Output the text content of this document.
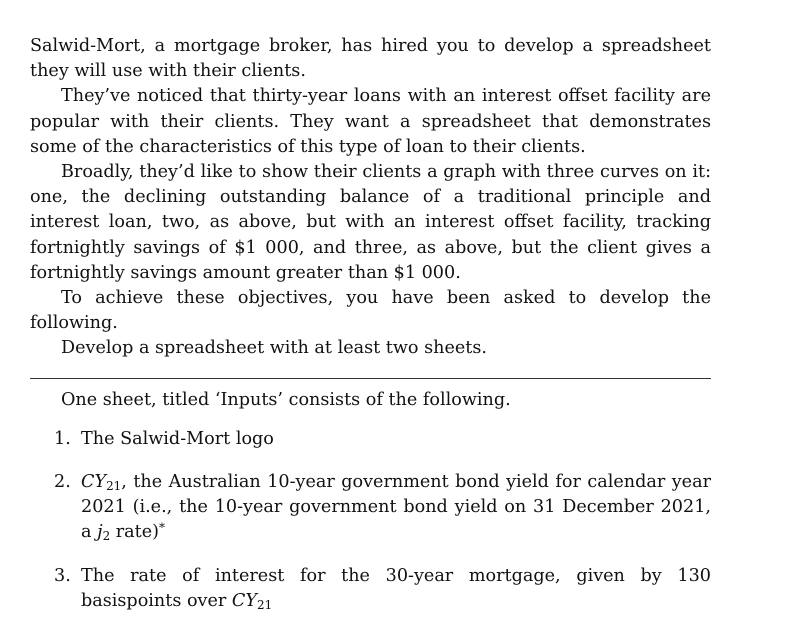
Salwid-Mort, a mortgage broker, has hired you to develop a spreadsheet they will use with their clients.

They’ve noticed that thirty-year loans with an interest offset facility are popular with their clients. They want a spreadsheet that demonstrates some of the characteristics of this type of loan to their clients.

Broadly, they’d like to show their clients a graph with three curves on it: one, the declining outstanding balance of a traditional principle and interest loan, two, as above, but with an interest offset facility, tracking fortnightly savings of $1 000, and three, as above, but the client gives a fortnightly savings amount greater than $1 000.

To achieve these objectives, you have been asked to develop the following.

Develop a spreadsheet with at least two sheets.

One sheet, titled ‘Inputs’ consists of the following.

1. The Salwid-Mort logo
2. $CY_{21}$, the Australian 10-year government bond yield for calendar year 2021 (i.e., the 10-year government bond yield on 31 December 2021, a $j_2$ rate)*
3. The rate of interest for the 30-year mortgage, given by 130 basispoints over $CY_{21}$
